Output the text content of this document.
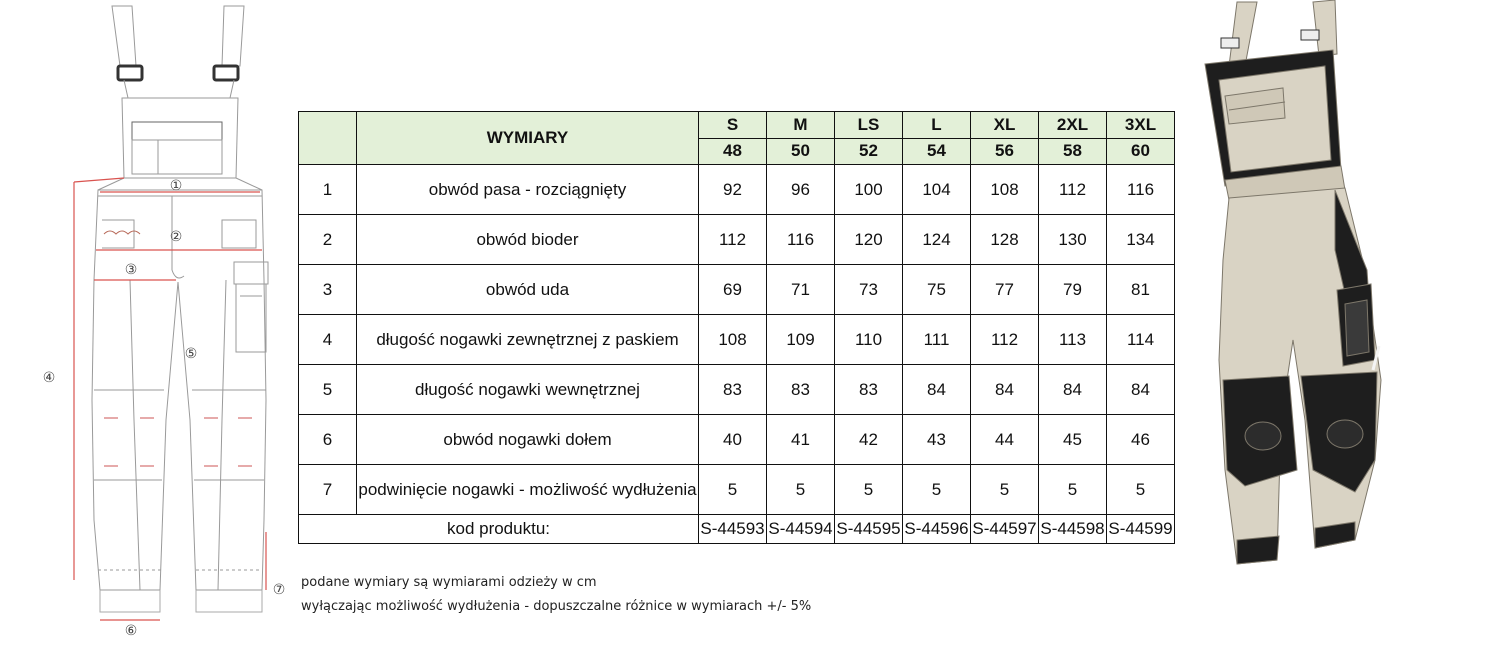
①
②
③
④
⑤
⑥
⑦
	WYMIARY	S	M	LS	L	XL	2XL	3XL
		48	50	52	54	56	58	60
1	obwód pasa - rozciągnięty	92	96	100	104	108	112	116
2	obwód bioder	112	116	120	124	128	130	134
3	obwód uda	69	71	73	75	77	79	81
4	długość nogawki zewnętrznej z paskiem	108	109	110	111	112	113	114
5	długość nogawki wewnętrznej	83	83	83	84	84	84	84
6	obwód nogawki dołem	40	41	42	43	44	45	46
7	podwinięcie nogawki - możliwość wydłużenia	5	5	5	5	5	5	5
kod produktu:		S-44593	S-44594	S-44595	S-44596	S-44597	S-44598	S-44599
podane wymiary są wymiarami odzieży w cm
wyłączając możliwość wydłużenia - dopuszczalne różnice w wymiarach +/- 5%
